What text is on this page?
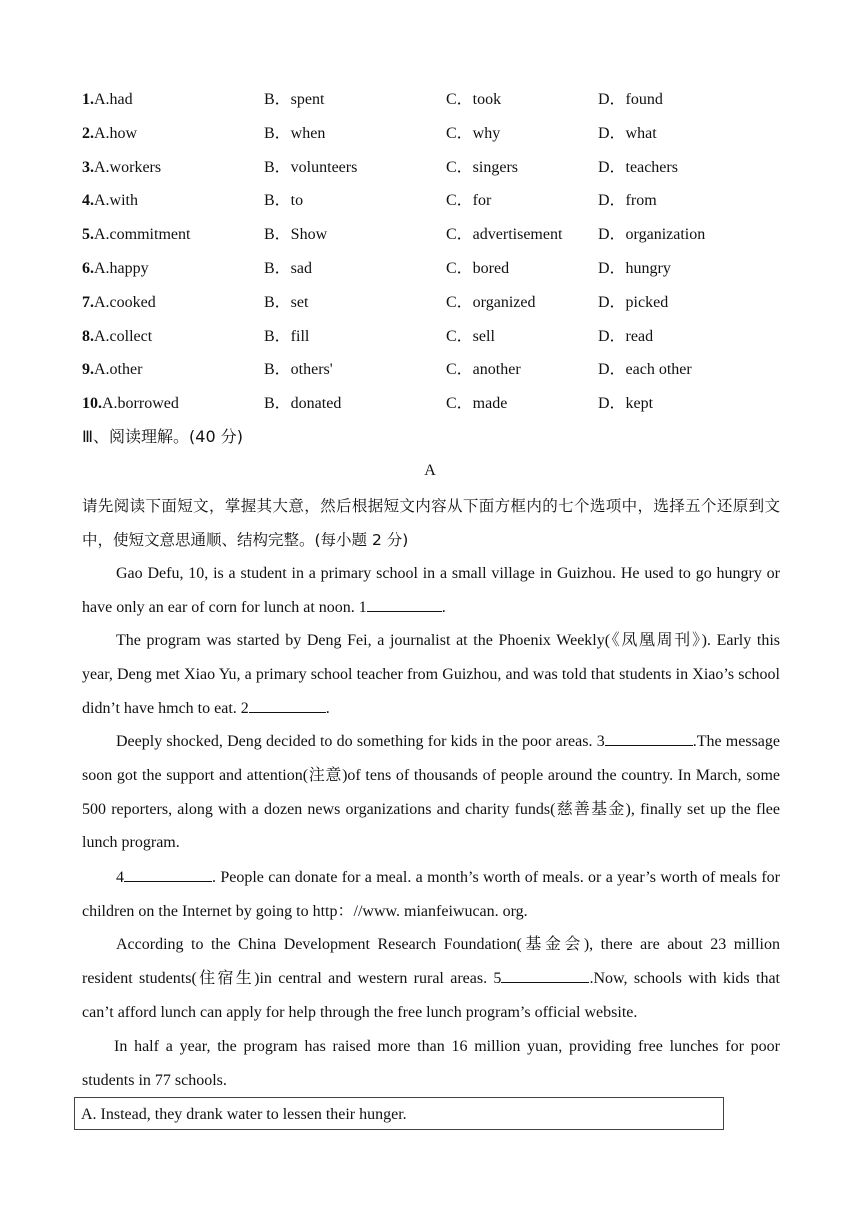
1.A.had	B．spent	C．took	D．found
2.A.how	B．when	C．why	D．what
3.A.workers	B．volunteers	C．singers	D．teachers
4.A.with	B．to	C．for	D．from
5.A.commitment	B．Show	C．advertisement D．organization
6.A.happy	B．sad	C．bored	D．hungry
7.A.cooked	B．set	C．organized	D．picked
8.A.collect	B．fill	C．sell	D．read
9.A.other	B．others'	C．another	D．each other
10.A.borrowed	B．donated	C．made	D．kept
Ⅲ、阅读理解。(40 分)
A
请先阅读下面短文，掌握其大意，然后根据短文内容从下面方框内的七个选项中，选择五个还原到文中，使短文意思通顺、结构完整。(每小题 2 分)
Gao Defu, 10, is a student in a primary school in a small village in Guizhou. He used to go hungry or have only an ear of corn for lunch at noon. 1	.
The program was started by Deng Fei, a journalist at the Phoenix Weekly(《凤凰周刊》). Early this year, Deng met Xiao Yu, a primary school teacher from Guizhou, and was told that students in Xiao’s school didn’t have hmch to eat. 2	.
Deeply shocked, Deng decided to do something for kids in the poor areas. 3	.The message soon got the support and attention(注意)of tens of thousands of people around the country. In March, some 500 reporters, along with a dozen news organizations and charity funds(慈善基金), finally set up the flee lunch program.
4	. People can donate for a meal. a month’s worth of meals. or a year’s worth of meals for children on the Internet by going to http：//www. mianfeiwucan. org.
According to the China Development Research Foundation(基金会), there are about 23 million resident students(住宿生)in central and western rural areas. 5	.Now, schools with kids that can’t afford lunch can apply for help through the free lunch program’s official website.
In half a year, the program has raised more than 16 million yuan, providing free lunches for poor students in 77 schools.
A. Instead, they drank water to lessen their hunger.
